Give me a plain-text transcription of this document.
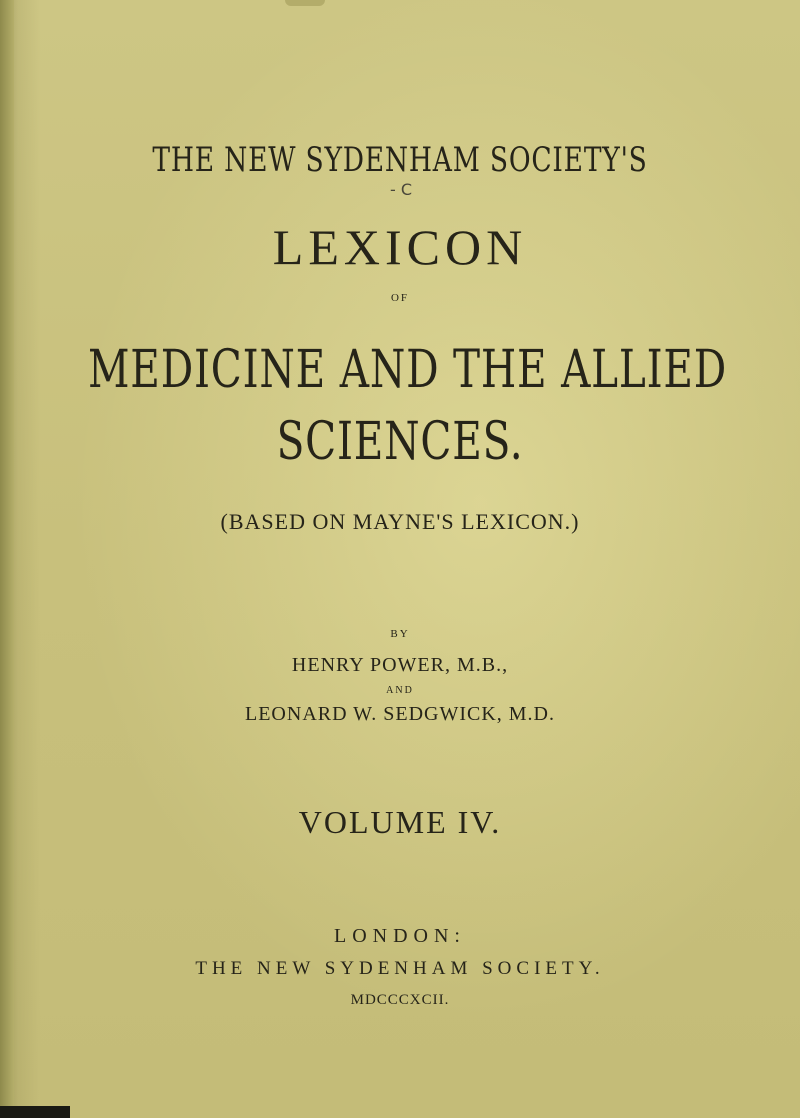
THE NEW SYDENHAM SOCIETY'S
- C
LEXICON
OF
MEDICINE AND THE ALLIED
SCIENCES.
(BASED ON MAYNE'S LEXICON.)
BY
HENRY POWER, M.B.,
AND
LEONARD W. SEDGWICK, M.D.
VOLUME IV.
LONDON:
THE NEW SYDENHAM SOCIETY.
MDCCCXCII.
